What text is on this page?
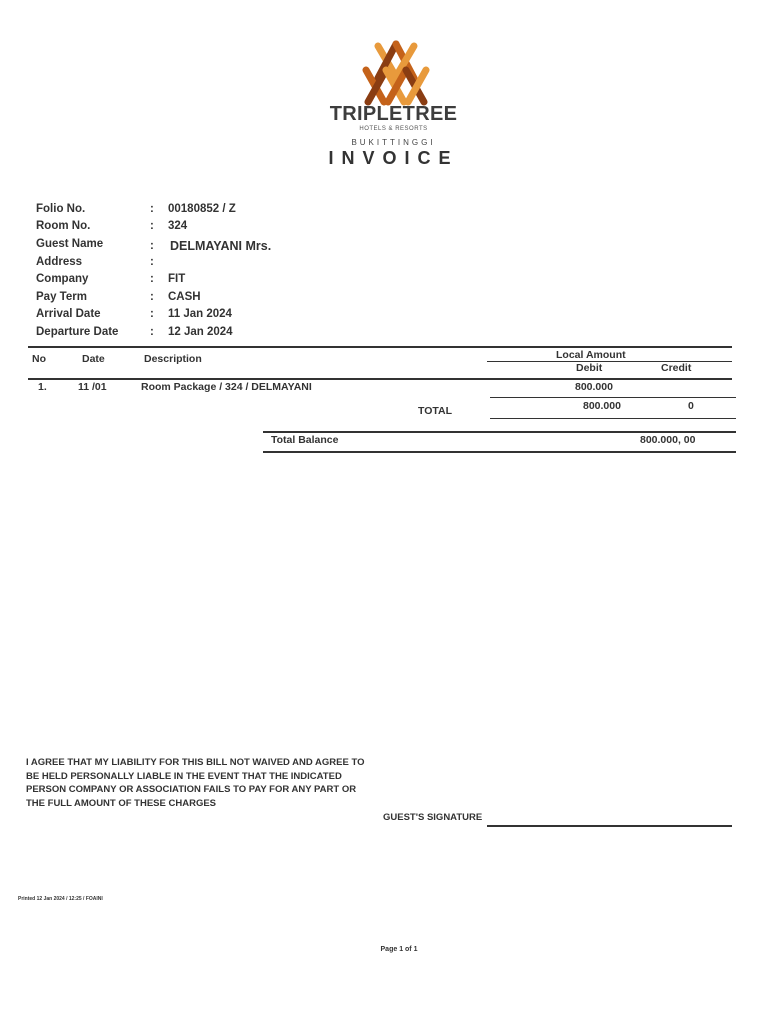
TRIPLETREE
HOTELS & RESORTS
BUKITTINGGI
INVOICE
Folio No.	: 00180852 / Z
Room No.	: 324
Guest Name	: DELMAYANI Mrs.
Address	:
Company	: FIT
Pay Term	: CASH
Arrival Date	: 11 Jan 2024
Departure Date	: 12 Jan 2024
No	Date	Description	Local Amount
Debit	Credit
1.	11 /01	Room Package / 324 / DELMAYANI	800.000
TOTAL	800.000	0
Total Balance	800.000, 00
I AGREE THAT MY LIABILITY FOR THIS BILL NOT WAIVED AND AGREE TO BE HELD PERSONALLY LIABLE IN THE EVENT THAT THE INDICATED PERSON COMPANY OR ASSOCIATION FAILS TO PAY FOR ANY PART OR THE FULL AMOUNT OF THESE CHARGES
GUEST'S SIGNATURE
Printed 12 Jan 2024 / 12:25 / FOAINI
Page 1 of 1
